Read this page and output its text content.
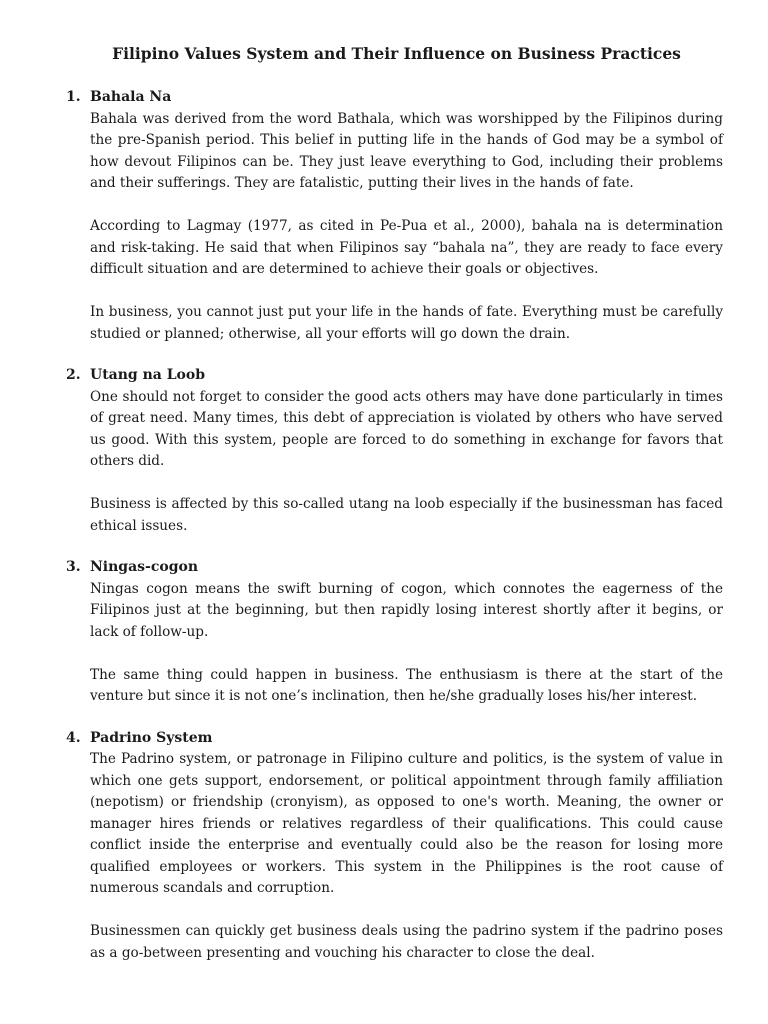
Filipino Values System and Their Influence on Business Practices
1. Bahala Na

Bahala was derived from the word Bathala, which was worshipped by the Filipinos during the pre-Spanish period. This belief in putting life in the hands of God may be a symbol of how devout Filipinos can be. They just leave everything to God, including their problems and their sufferings. They are fatalistic, putting their lives in the hands of fate.

According to Lagmay (1977, as cited in Pe-Pua et al., 2000), bahala na is determination and risk-taking. He said that when Filipinos say “bahala na”, they are ready to face every difficult situation and are determined to achieve their goals or objectives.

In business, you cannot just put your life in the hands of fate. Everything must be carefully studied or planned; otherwise, all your efforts will go down the drain.

2. Utang na Loob

One should not forget to consider the good acts others may have done particularly in times of great need. Many times, this debt of appreciation is violated by others who have served us good. With this system, people are forced to do something in exchange for favors that others did.

Business is affected by this so-called utang na loob especially if the businessman has faced ethical issues.

3. Ningas-cogon

Ningas cogon means the swift burning of cogon, which connotes the eagerness of the Filipinos just at the beginning, but then rapidly losing interest shortly after it begins, or lack of follow-up.

The same thing could happen in business. The enthusiasm is there at the start of the venture but since it is not one’s inclination, then he/she gradually loses his/her interest.

4. Padrino System

The Padrino system, or patronage in Filipino culture and politics, is the system of value in which one gets support, endorsement, or political appointment through family affiliation (nepotism) or friendship (cronyism), as opposed to one's worth. Meaning, the owner or manager hires friends or relatives regardless of their qualifications. This could cause conflict inside the enterprise and eventually could also be the reason for losing more qualified employees or workers. This system in the Philippines is the root cause of numerous scandals and corruption.

Businessmen can quickly get business deals using the padrino system if the padrino poses as a go-between presenting and vouching his character to close the deal.
